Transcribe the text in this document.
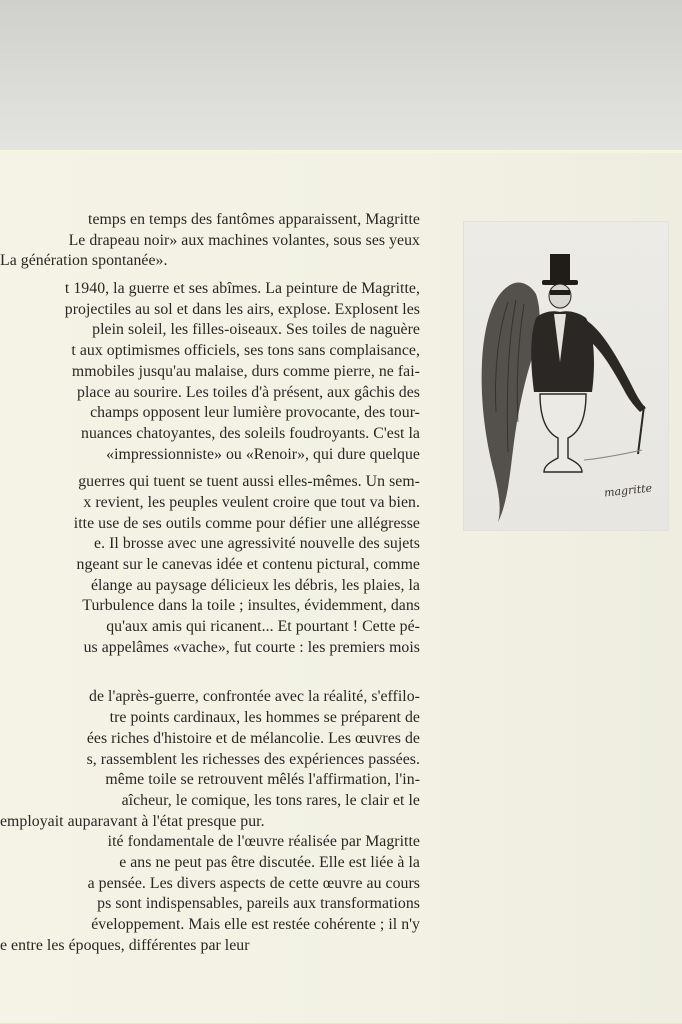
temps en temps des fantômes apparaissent, Magritte
Le drapeau noir» aux machines volantes, sous ses yeux
La génération spontanée».
t 1940, la guerre et ses abîmes. La peinture de Magritte,
projectiles au sol et dans les airs, explose. Explosent les
plein soleil, les filles-oiseaux. Ses toiles de naguère
t aux optimismes officiels, ses tons sans complaisance,
mmobiles jusqu'au malaise, durs comme pierre, ne fai-
place au sourire. Les toiles d'à présent, aux gâchis des
champs opposent leur lumière provocante, des tour-
nuances chatoyantes, des soleils foudroyants. C'est la
«impressionniste» ou «Renoir», qui dure quelque
guerres qui tuent se tuent aussi elles-mêmes. Un sem-
x revient, les peuples veulent croire que tout va bien.
itte use de ses outils comme pour défier une allégresse
e. Il brosse avec une agressivité nouvelle des sujets
ngeant sur le canevas idée et contenu pictural, comme
élange au paysage délicieux les débris, les plaies, la
Turbulence dans la toile ; insultes, évidemment, dans
qu'aux amis qui ricanent... Et pourtant ! Cette pé-
us appelâmes «vache», fut courte : les premiers mois
de l'après-guerre, confrontée avec la réalité, s'effilo-
tre points cardinaux, les hommes se préparent de
ées riches d'histoire et de mélancolie. Les œuvres de
s, rassemblent les richesses des expériences passées.
même toile se retrouvent mêlés l'affirmation, l'in-
aîcheur, le comique, les tons rares, le clair et le
employait auparavant à l'état presque pur.
ité fondamentale de l'œuvre réalisée par Magritte
e ans ne peut pas être discutée. Elle est liée à la
a pensée. Les divers aspects de cette œuvre au cours
ps sont indispensables, pareils aux transformations
éveloppement. Mais elle est restée cohérente ; il n'y
e entre les époques, différentes par leur
magritte
